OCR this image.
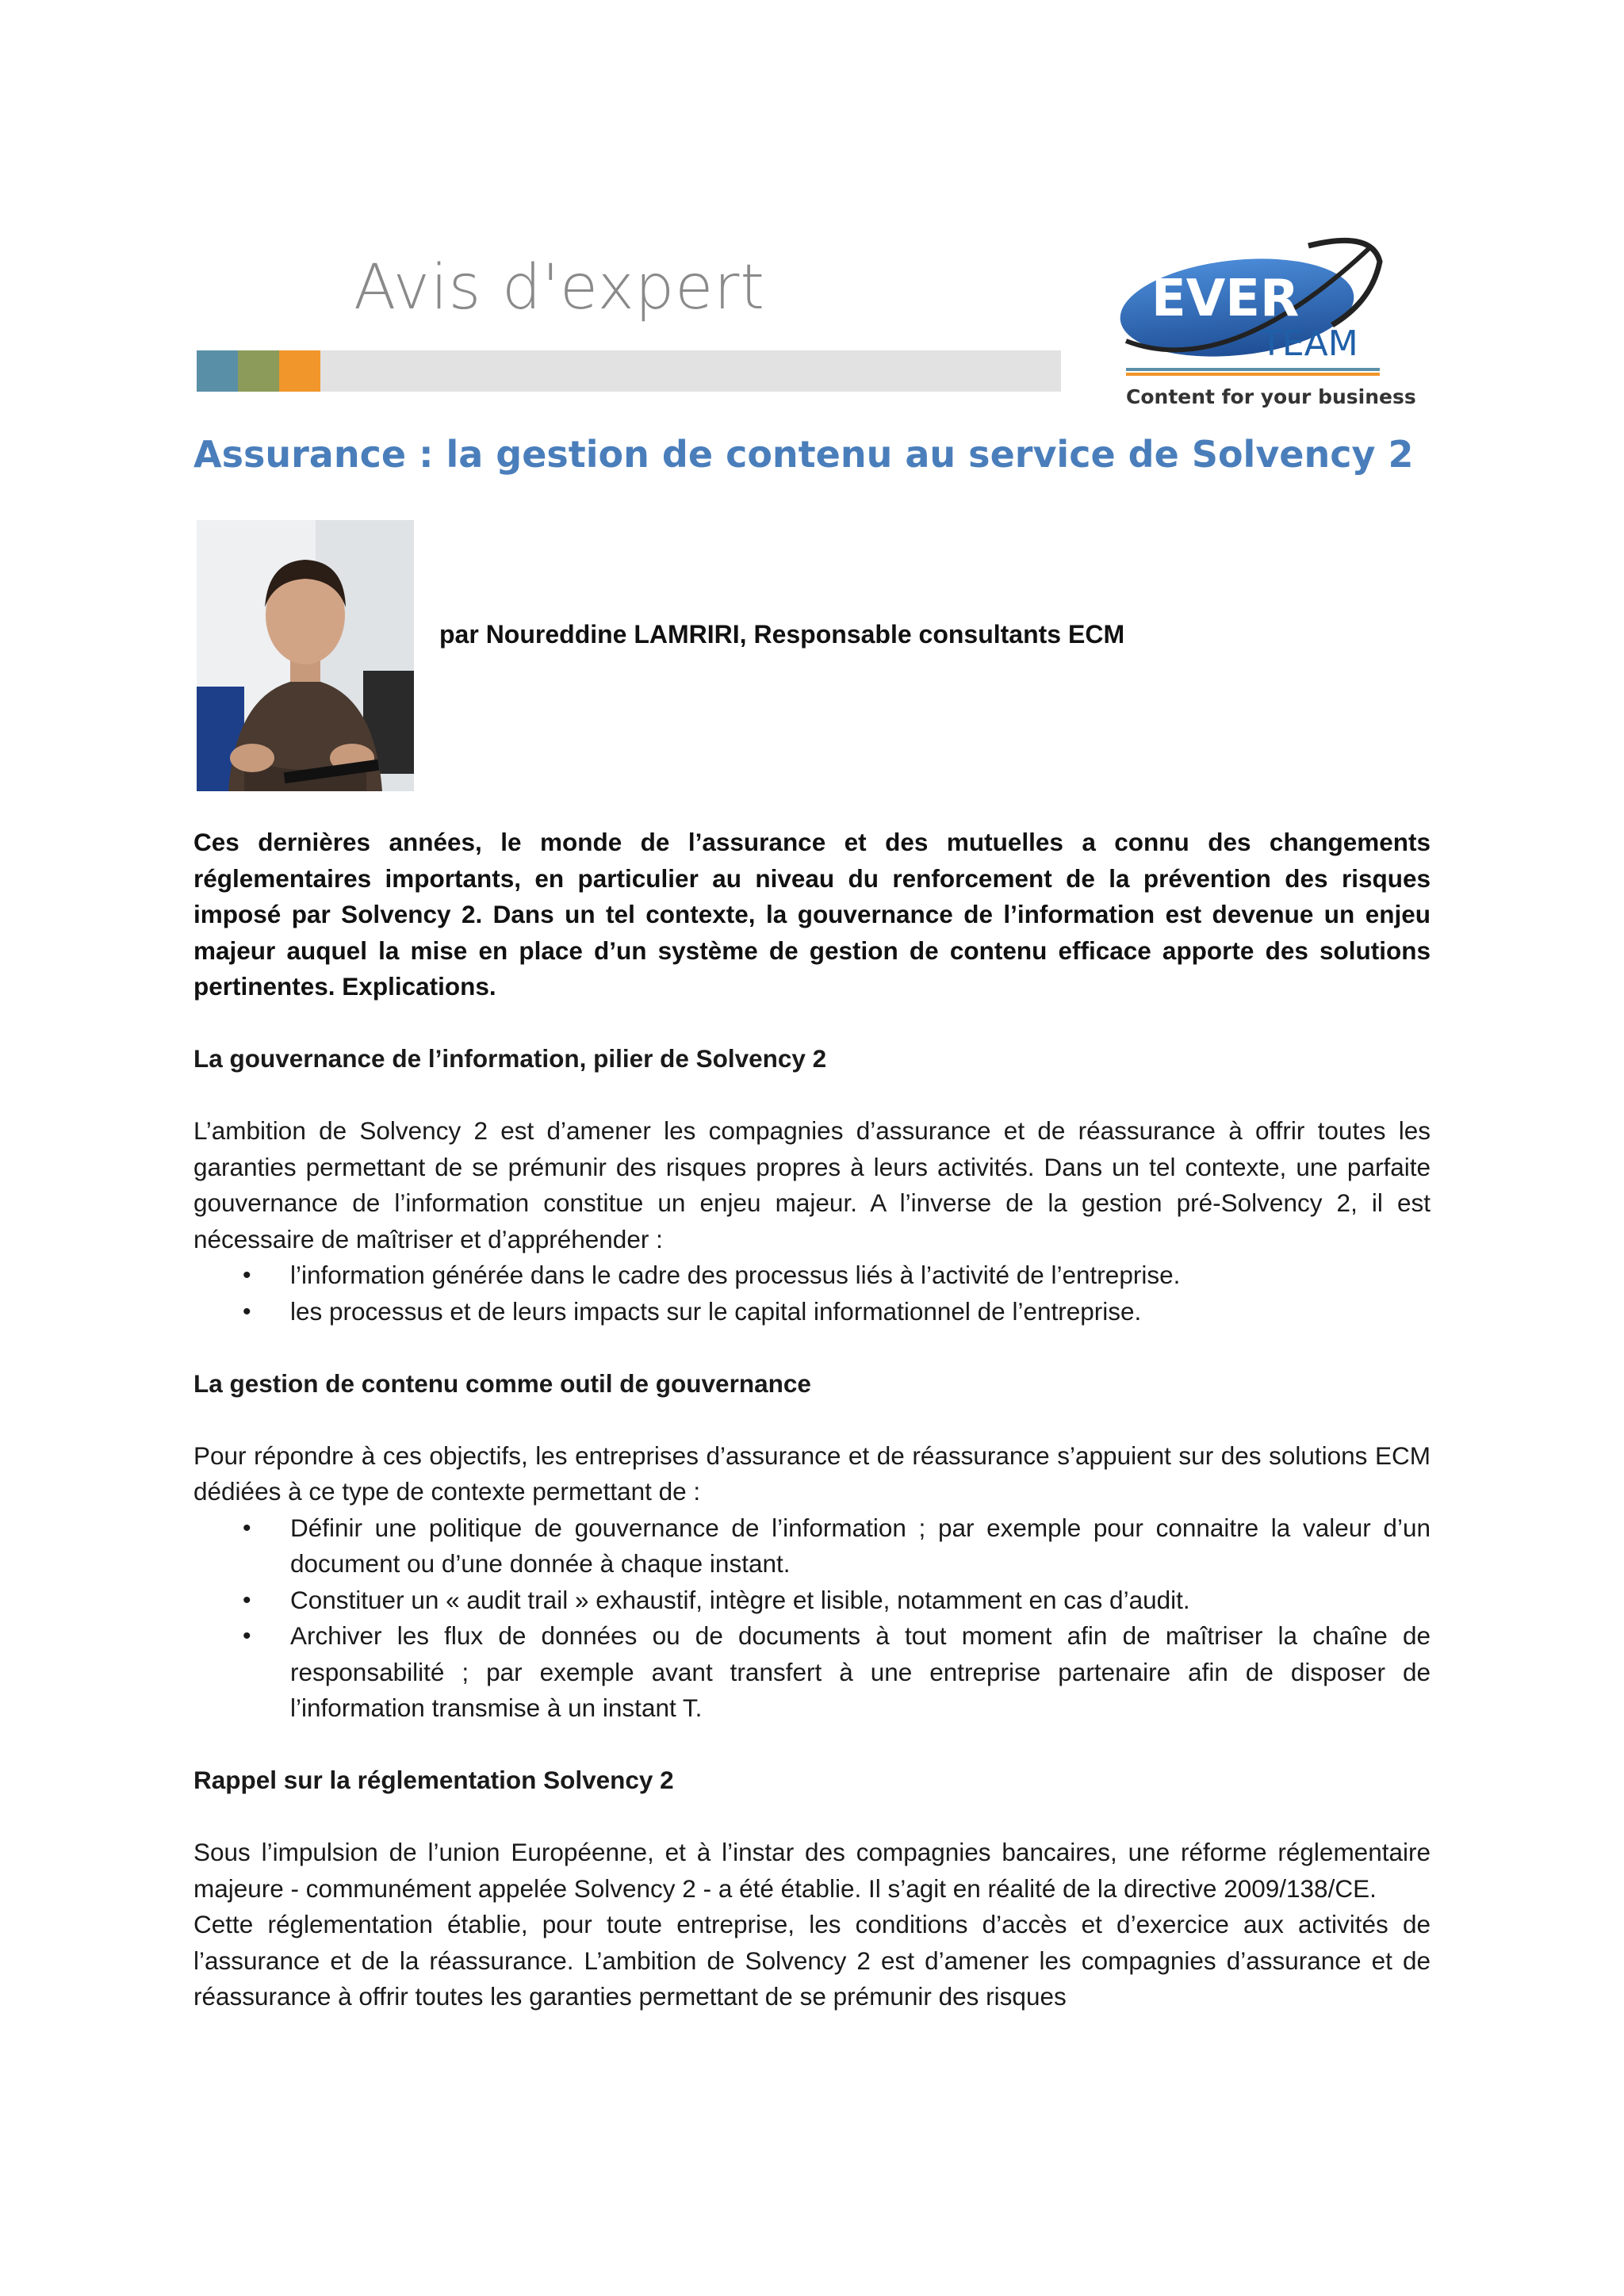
Avis d'expert	EVER
TEAM
Content for your business
Assurance : la gestion de contenu au service de Solvency 2
par Noureddine LAMRIRI, Responsable consultants ECM

Ces dernières années, le monde de l’assurance et des mutuelles a connu des changements réglementaires importants, en particulier au niveau du renforcement de la prévention des risques imposé par Solvency 2. Dans un tel contexte, la gouvernance de l’information est devenue un enjeu majeur auquel la mise en place d’un système de gestion de contenu efficace apporte des solutions pertinentes. Explications.

La gouvernance de l’information, pilier de Solvency 2

L’ambition de Solvency 2 est d’amener les compagnies d’assurance et de réassurance à offrir toutes les garanties permettant de se prémunir des risques propres à leurs activités. Dans un tel contexte, une parfaite gouvernance de l’information constitue un enjeu majeur. A l’inverse de la gestion pré-Solvency 2, il est nécessaire de maîtriser et d’appréhender :

• l’information générée dans le cadre des processus liés à l’activité de l’entreprise.
• les processus et de leurs impacts sur le capital informationnel de l’entreprise.
La gestion de contenu comme outil de gouvernance

Pour répondre à ces objectifs, les entreprises d’assurance et de réassurance s’appuient sur des solutions ECM dédiées à ce type de contexte permettant de :

• Définir une politique de gouvernance de l’information ; par exemple pour connaitre la valeur d’un document ou d’une donnée à chaque instant.
• Constituer un « audit trail » exhaustif, intègre et lisible, notamment en cas d’audit.
• Archiver les flux de données ou de documents à tout moment afin de maîtriser la chaîne de responsabilité ; par exemple avant transfert à une entreprise partenaire afin de disposer de l’information transmise à un instant T.
Rappel sur la réglementation Solvency 2

Sous l’impulsion de l’union Européenne, et à l’instar des compagnies bancaires, une réforme réglementaire majeure - communément appelée Solvency 2 - a été établie. Il s’agit en réalité de la directive 2009/138/CE.

Cette réglementation établie, pour toute entreprise, les conditions d’accès et d’exercice aux activités de l’assurance et de la réassurance. L’ambition de Solvency 2 est d’amener les compagnies d’assurance et de réassurance à offrir toutes les garanties permettant de se prémunir des risques
